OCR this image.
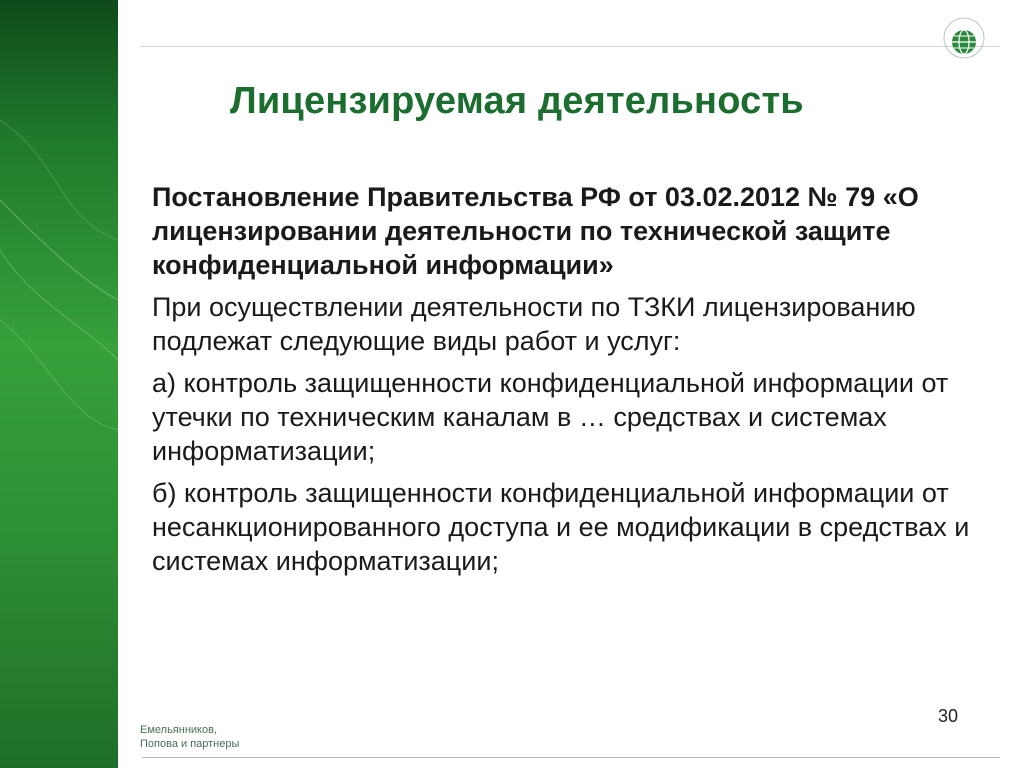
Лицензируемая деятельность

Постановление Правительства РФ от 03.02.2012 № 79 «О лицензировании деятельности по технической защите конфиденциальной информации»

При осуществлении деятельности по ТЗКИ лицензированию подлежат следующие виды работ и услуг:

а) контроль защищенности конфиденциальной информации от утечки по техническим каналам в … средствах и системах информатизации;

б) контроль защищенности конфиденциальной информации от несанкционированного доступа и ее модификации в средствах и системах информатизации;

30
Емельянников,
Попова и партнеры
